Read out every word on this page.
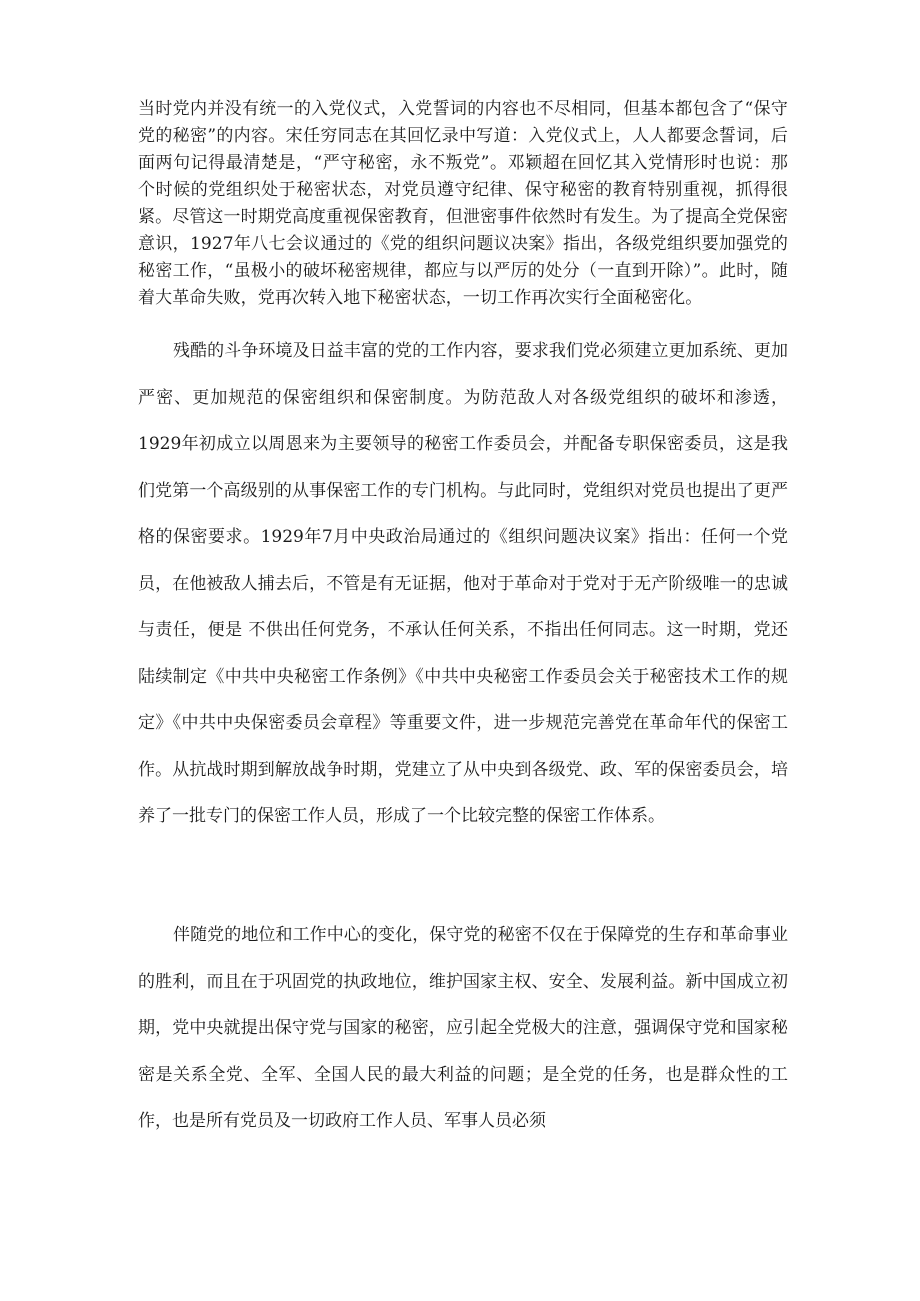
当时党内并没有统一的入党仪式，入党誓词的内容也不尽相同，但基本都包含了“保守党的秘密”的内容。宋任穷同志在其回忆录中写道：入党仪式上，人人都要念誓词，后面两句记得最清楚是，“严守秘密，永不叛党”。邓颖超在回忆其入党情形时也说：那个时候的党组织处于秘密状态，对党员遵守纪律、保守秘密的教育特别重视，抓得很紧。尽管这一时期党高度重视保密教育，但泄密事件依然时有发生。为了提高全党保密意识，1927年八七会议通过的《党的组织问题议决案》指出，各级党组织要加强党的秘密工作，“虽极小的破坏秘密规律，都应与以严厉的处分（一直到开除）”。此时，随着大革命失败，党再次转入地下秘密状态，一切工作再次实行全面秘密化。

残酷的斗争环境及日益丰富的党的工作内容，要求我们党必须建立更加系统、更加严密、更加规范的保密组织和保密制度。为防范敌人对各级党组织的破坏和渗透，1929年初成立以周恩来为主要领导的秘密工作委员会，并配备专职保密委员，这是我们党第一个高级别的从事保密工作的专门机构。与此同时，党组织对党员也提出了更严格的保密要求。1929年7月中央政治局通过的《组织问题决议案》指出：任何一个党员，在他被敌人捕去后，不管是有无证据，他对于革命对于党对于无产阶级唯一的忠诚与责任，便是 不供出任何党务，不承认任何关系，不指出任何同志。这一时期，党还陆续制定《中共中央秘密工作条例》《中共中央秘密工作委员会关于秘密技术工作的规定》《中共中央保密委员会章程》等重要文件，进一步规范完善党在革命年代的保密工作。从抗战时期到解放战争时期，党建立了从中央到各级党、政、军的保密委员会，培养了一批专门的保密工作人员，形成了一个比较完整的保密工作体系。

伴随党的地位和工作中心的变化，保守党的秘密不仅在于保障党的生存和革命事业的胜利，而且在于巩固党的执政地位，维护国家主权、安全、发展利益。新中国成立初期，党中央就提出保守党与国家的秘密，应引起全党极大的注意，强调保守党和国家秘密是关系全党、全军、全国人民的最大利益的问题；是全党的任务，也是群众性的工作，也是所有党员及一切政府工作人员、军事人员必须
